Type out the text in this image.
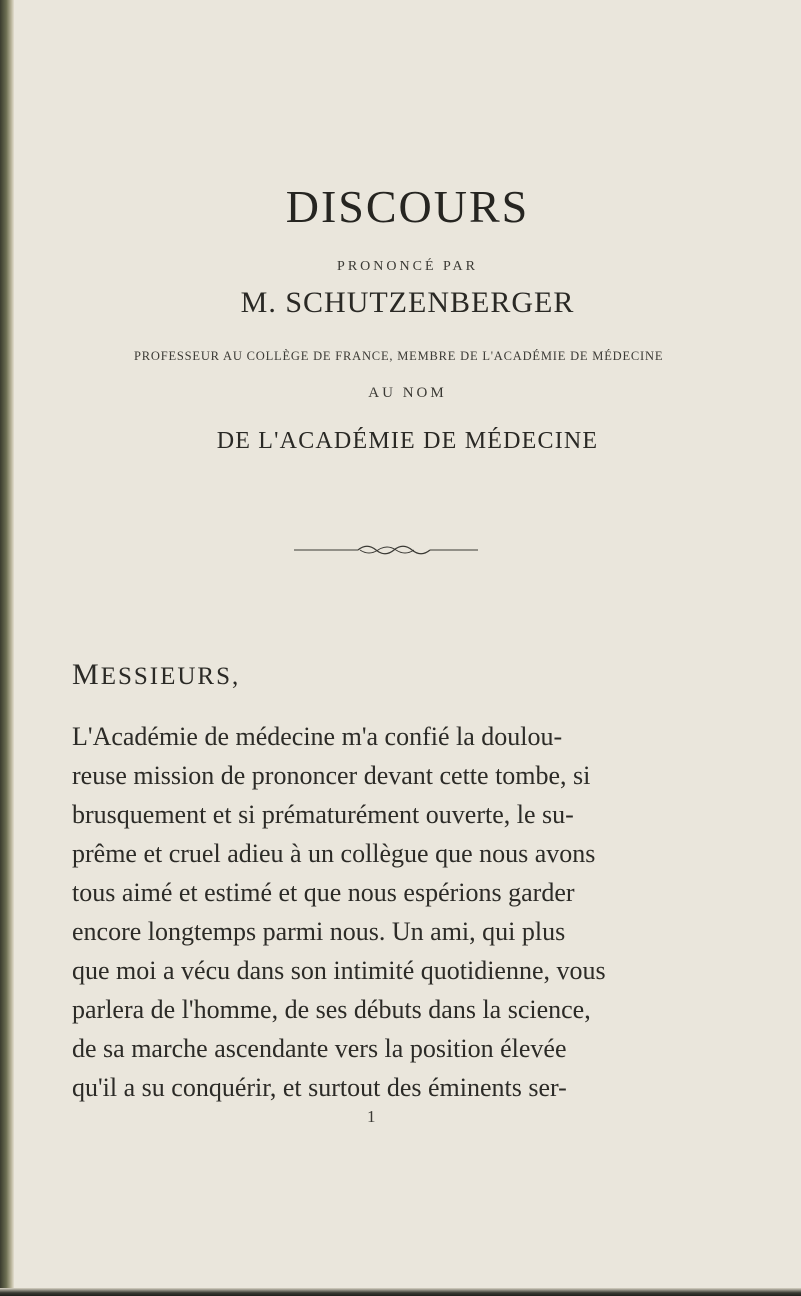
DISCOURS
PRONONCÉ PAR
M. SCHUTZENBERGER
PROFESSEUR AU COLLÈGE DE FRANCE, MEMBRE DE L'ACADÉMIE DE MÉDECINE
AU NOM
DE L'ACADÉMIE DE MÉDECINE
MESSIEURS,
L'Académie de médecine m'a confié la doulou-
reuse mission de prononcer devant cette tombe, si
brusquement et si prématurément ouverte, le su-
prême et cruel adieu à un collègue que nous avons
tous aimé et estimé et que nous espérions garder
encore longtemps parmi nous. Un ami, qui plus
que moi a vécu dans son intimité quotidienne, vous
parlera de l'homme, de ses débuts dans la science,
de sa marche ascendante vers la position élevée
qu'il a su conquérir, et surtout des éminents ser-
1
